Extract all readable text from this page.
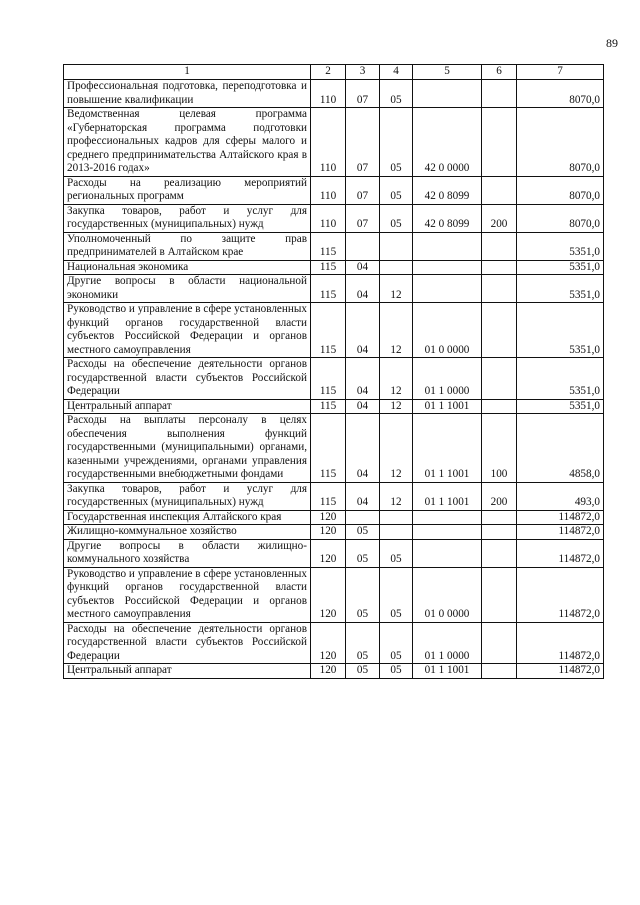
89
1	2	3	4	5	6	7
Профессиональная подготовка, переподготовка и повышение квалификации	110	07	05			8070,0
Ведомственная целевая программа «Губернаторская программа подготовки профессиональных кадров для сферы малого и среднего предпринимательства Алтайского края в 2013-2016 годах»	110	07	05	42 0 0000		8070,0
Расходы на реализацию мероприятий региональных программ	110	07	05	42 0 8099		8070,0
Закупка товаров, работ и услуг для государственных (муниципальных) нужд	110	07	05	42 0 8099	200	8070,0
Уполномоченный по защите прав предпринимателей в Алтайском крае	115					5351,0
Национальная экономика	115	04				5351,0
Другие вопросы в области национальной экономики	115	04	12			5351,0
Руководство и управление в сфере установленных функций органов государственной власти субъектов Российской Федерации и органов местного самоуправления	115	04	12	01 0 0000		5351,0
Расходы на обеспечение деятельности органов государственной власти субъектов Российской Федерации	115	04	12	01 1 0000		5351,0
Центральный аппарат	115	04	12	01 1 1001		5351,0
Расходы на выплаты персоналу в целях обеспечения выполнения функций государственными (муниципальными) органами, казенными учреждениями, органами управления государственными внебюджетными фондами	115	04	12	01 1 1001	100	4858,0
Закупка товаров, работ и услуг для государственных (муниципальных) нужд	115	04	12	01 1 1001	200	493,0
Государственная инспекция Алтайского края	120					114872,0
Жилищно-коммунальное хозяйство	120	05				114872,0
Другие вопросы в области жилищно-коммунального хозяйства	120	05	05			114872,0
Руководство и управление в сфере установленных функций органов государственной власти субъектов Российской Федерации и органов местного самоуправления	120	05	05	01 0 0000		114872,0
Расходы на обеспечение деятельности органов государственной власти субъектов Российской Федерации	120	05	05	01 1 0000		114872,0
Центральный аппарат	120	05	05	01 1 1001		114872,0
